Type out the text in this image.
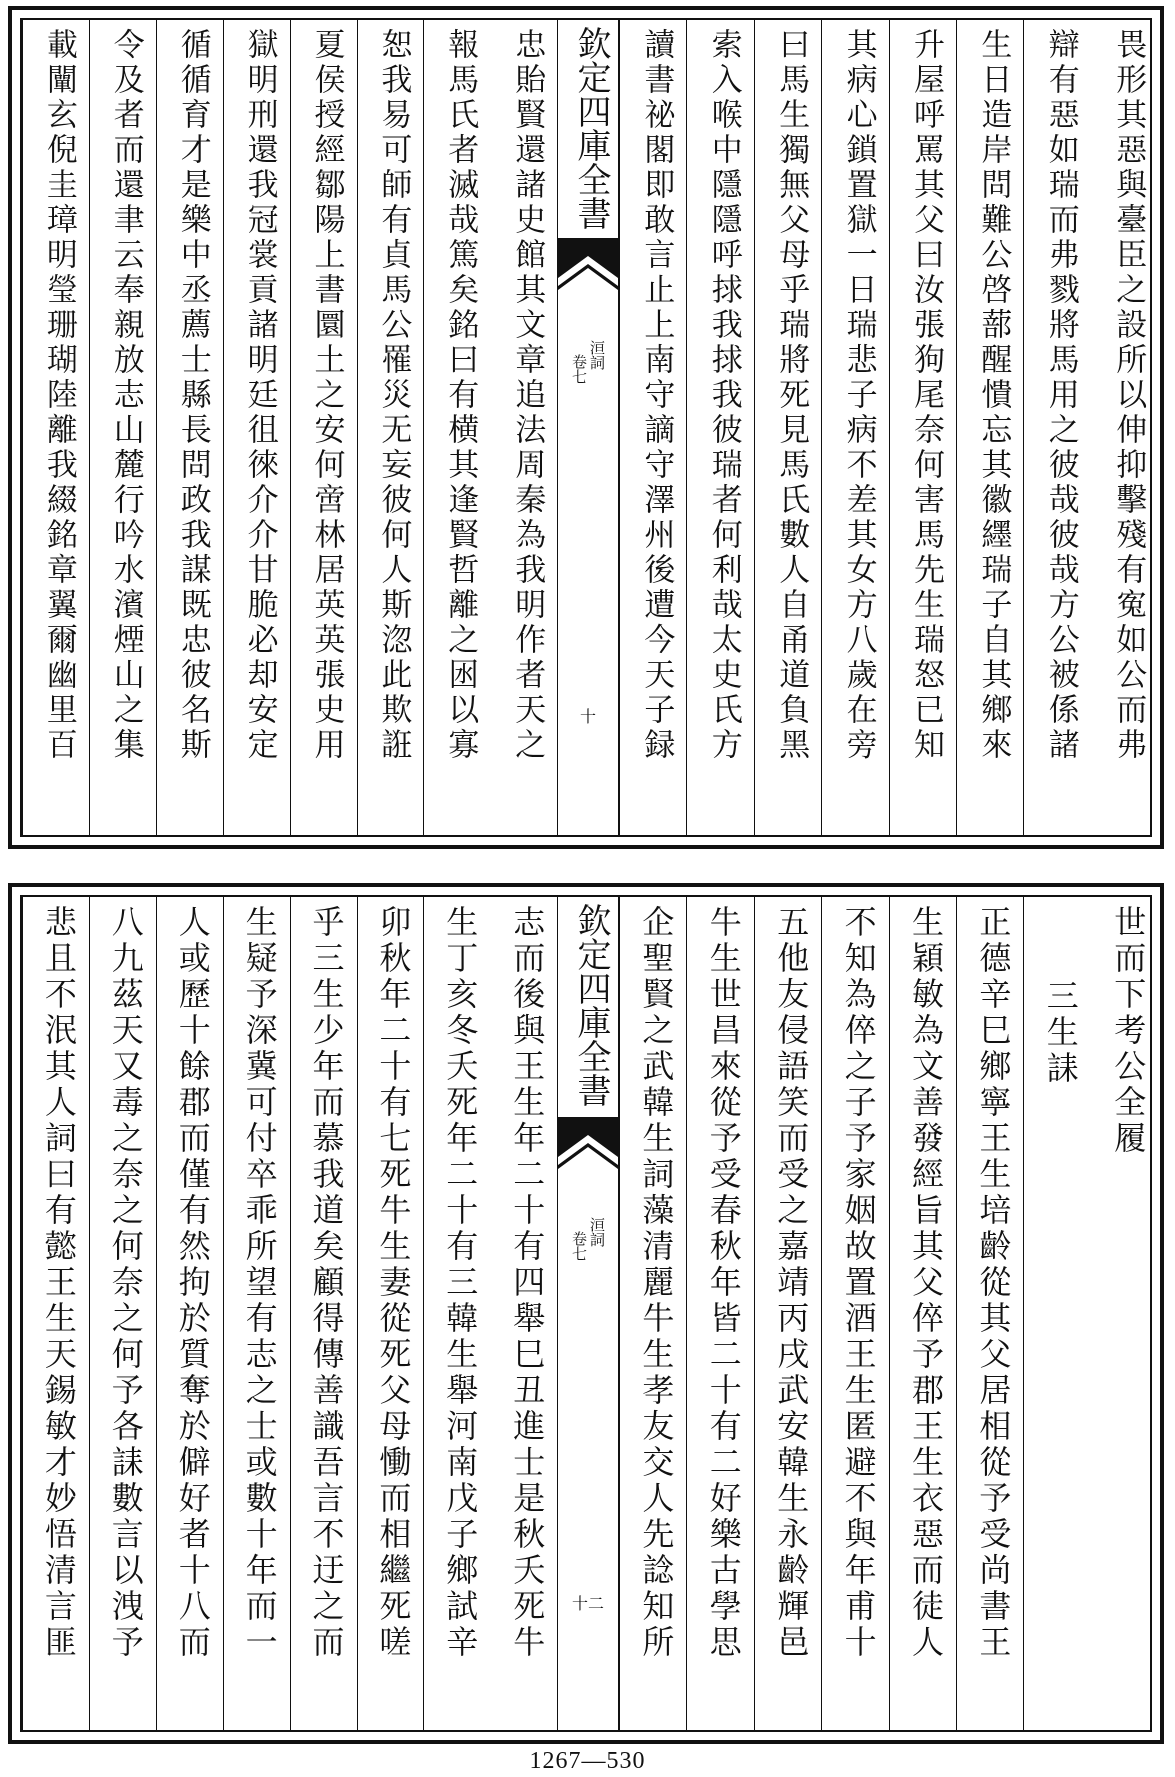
忠貽賢還諸史館其文章追法周秦為我明作者天之
報馬氏者滅哉篤矣銘曰有横其逢賢哲離之囦以寡
恕我易可師有貞馬公罹災无妄彼何人斯淴此欺誑
夏侯授經鄒陽上書圜土之安何啻林居英英張史用
獄明刑還我冠裳貢諸明廷徂徠介介甘脆必却安定
循循育才是樂中丞薦士縣長問政我謀既忠彼名斯
令及者而還聿云奉親放志山麓行吟水濱煙山之集
載闡玄倪圭璋明瑩珊瑚陸離我綴銘章翼爾幽里百	欽定四庫全書
洹詞
卷七
十	畏形其惡與臺臣之設所以伸抑擊殘有寃如公而弗
辯有惡如瑞而弗戮將馬用之彼哉彼哉方公被係諸
生日造岸問難公啓蔀醒憒忘其徽纆瑞子自其鄉來
升屋呼罵其父曰汝張狗尾奈何害馬先生瑞怒已知
其病心鎖置獄一日瑞悲子病不差其女方八歲在旁
曰馬生獨無父母乎瑞將死見馬氏數人自甬道負黑
索入喉中隱隱呼捄我捄我彼瑞者何利哉太史氏方
讀書祕閣即敢言止上南守謫守澤州後遭今天子録
志而後與王生年二十有四舉巳丑進士是秋夭死牛
生丁亥冬夭死年二十有三韓生舉河南戊子鄉試辛
卯秋年二十有七死牛生妻從死父母慟而相繼死嗟
乎三生少年而慕我道矣顧得傳善識吾言不迂之而
生疑予深冀可付卒乖所望有志之士或數十年而一
人或歷十餘郡而僅有然拘於質奪於僻好者十八而
八九茲天又毒之奈之何奈之何予各誄數言以洩予
悲且不泯其人詞曰有懿王生天錫敏才妙悟清言匪	欽定四庫全書
洹詞
卷七
十二
世而下考公全履
三生誄
正德辛巳鄉寧王生培齡從其父居相從予受尚書王
生穎敏為文善發經旨其父倅予郡王生衣惡而徒人
不知為倅之子予家姻故置酒王生匿避不與年甫十
五他友侵語笑而受之嘉靖丙戌武安韓生永齡輝邑
牛生世昌來從予受春秋年皆二十有二好樂古學思
企聖賢之武韓生詞藻清麗牛生孝友交人先諗知所
1267—530
